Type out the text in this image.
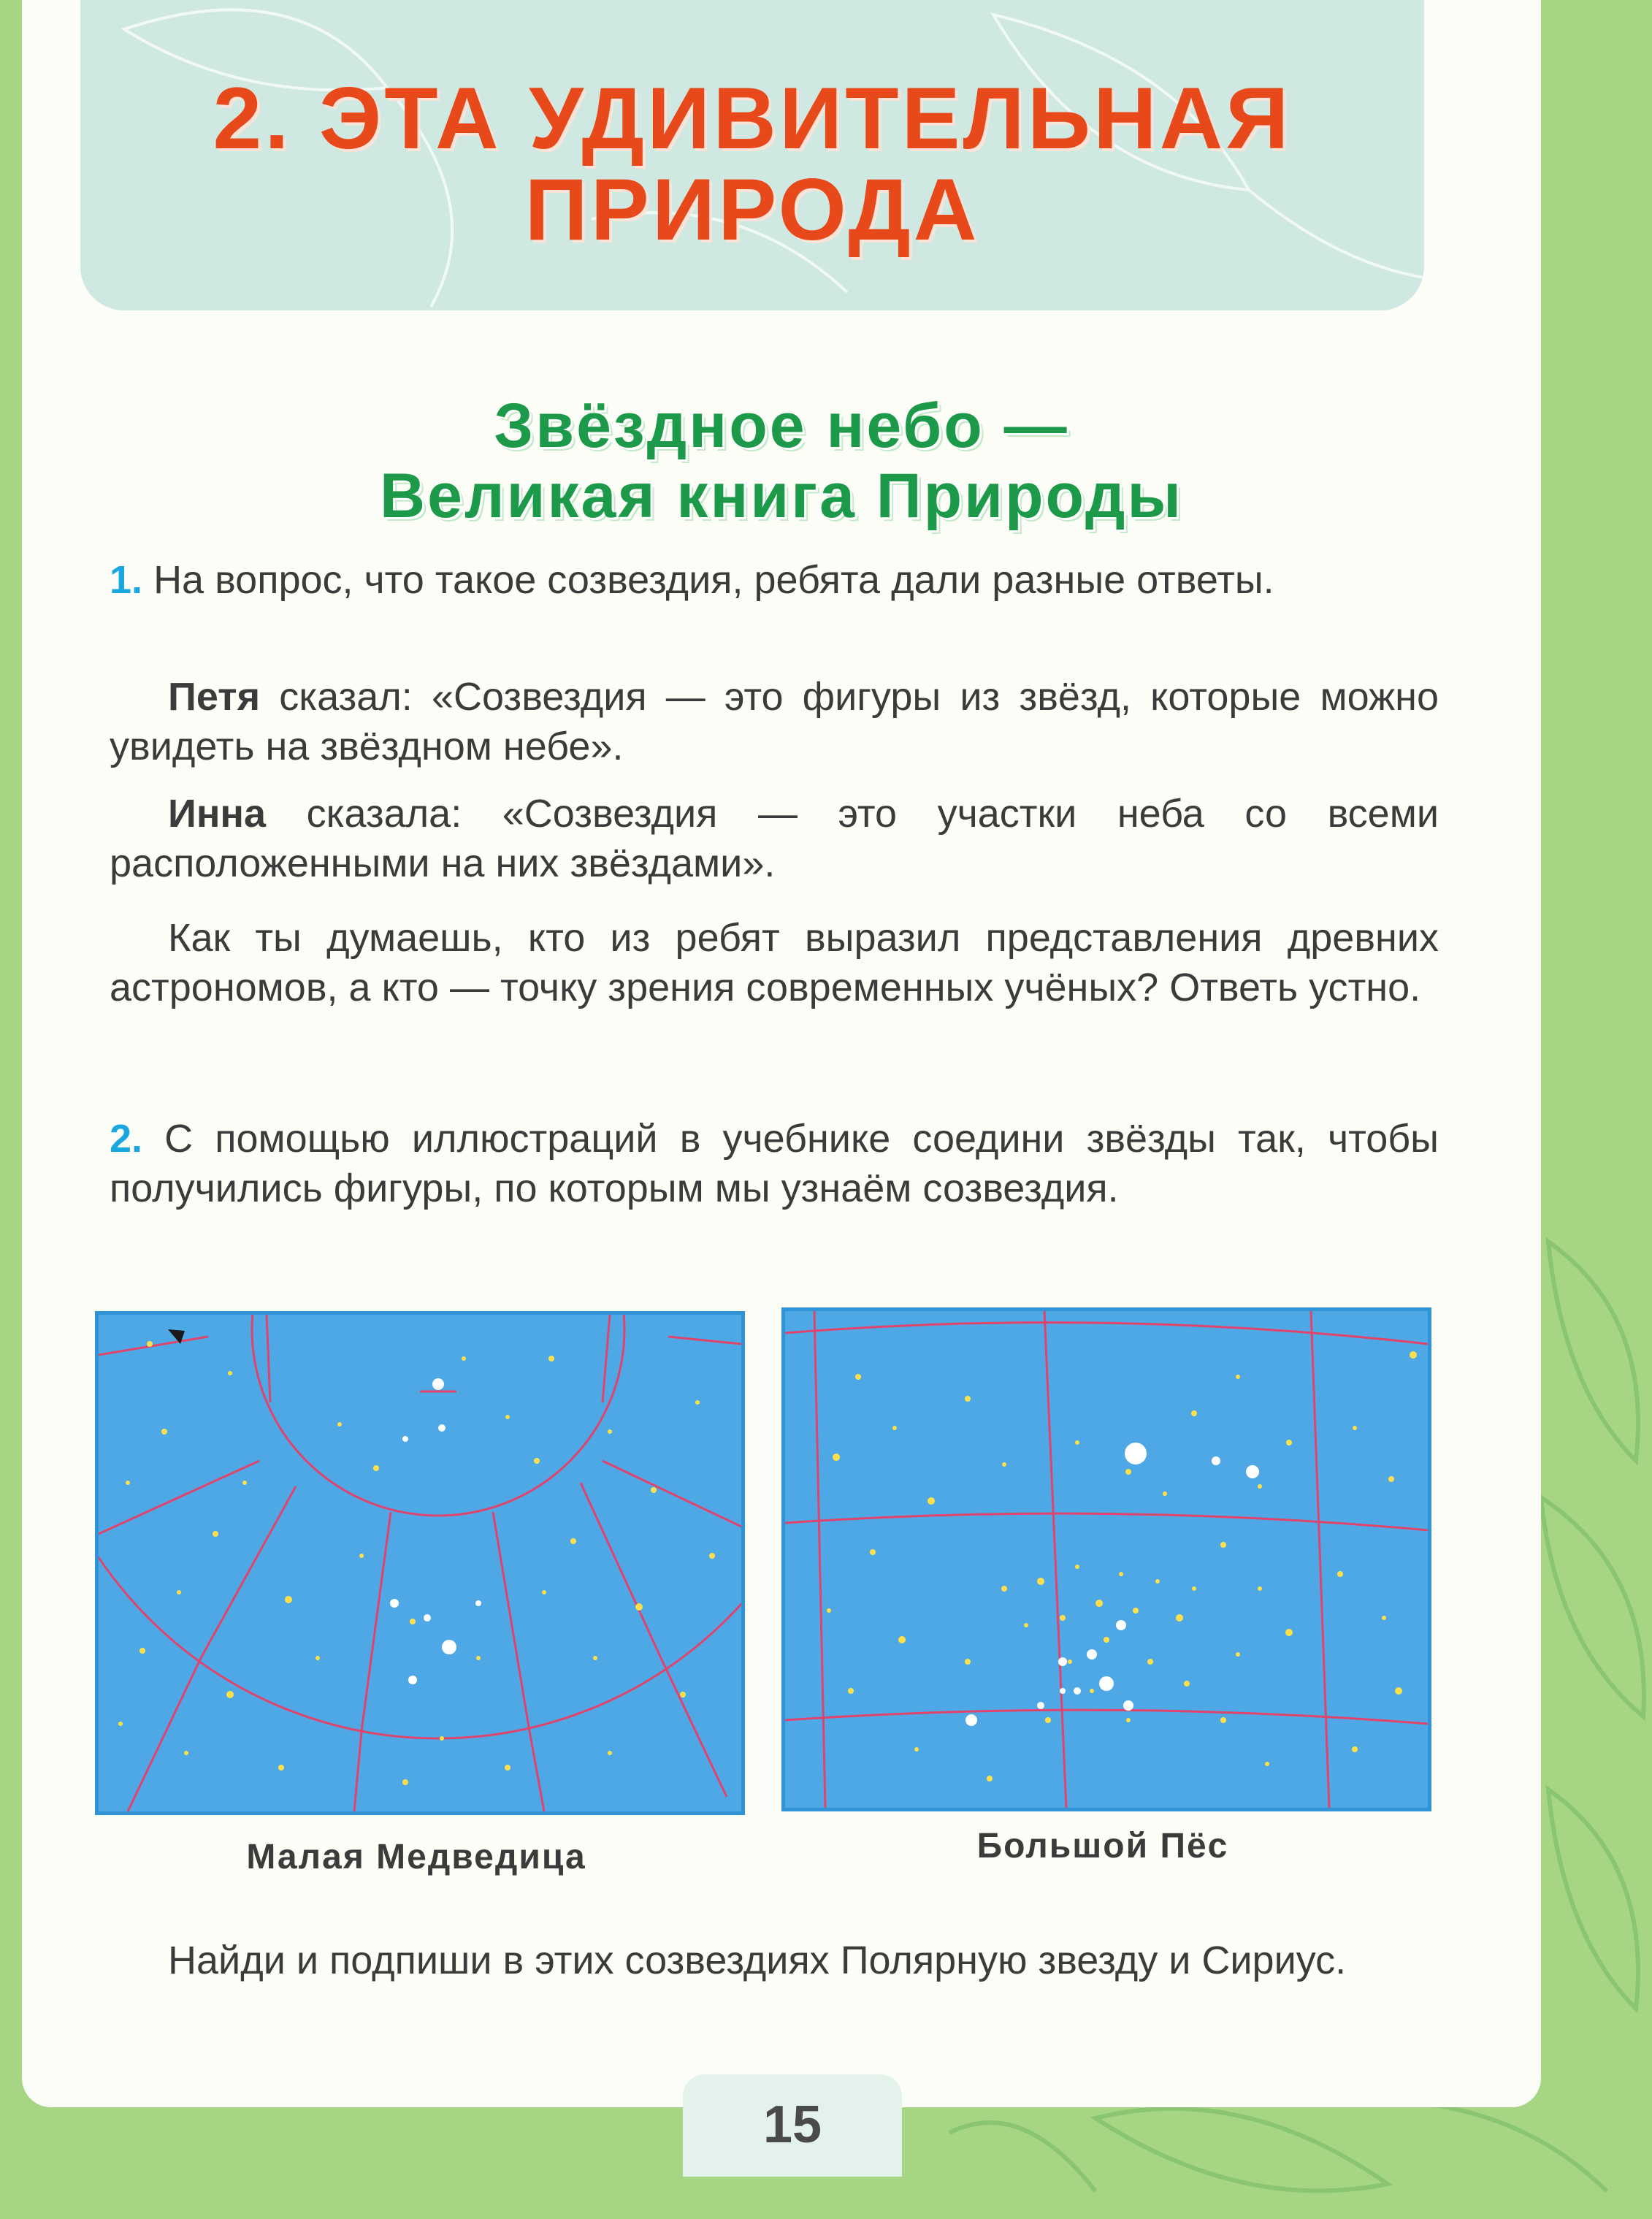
2. ЭТА УДИВИТЕЛЬНАЯ
ПРИРОДА
Звёздное небо —
Великая книга Природы

1. На вопрос, что такое созвездия, ребята дали разные ответы.

Петя сказал: «Созвездия — это фигуры из звёзд, которые можно увидеть на звёздном небе».

Инна сказала: «Созвездия — это участки неба со всеми расположенными на них звёздами».

Как ты думаешь, кто из ребят выразил представления древних астрономов, а кто — точку зрения современных учёных? Ответь устно.

2. С помощью иллюстраций в учебнике соедини звёзды так, чтобы получились фигуры, по которым мы узнаём созвездия.

Малая Медведица	Большой Пёс

Найди и подпиши в этих созвездиях Полярную звезду и Сириус.

15
